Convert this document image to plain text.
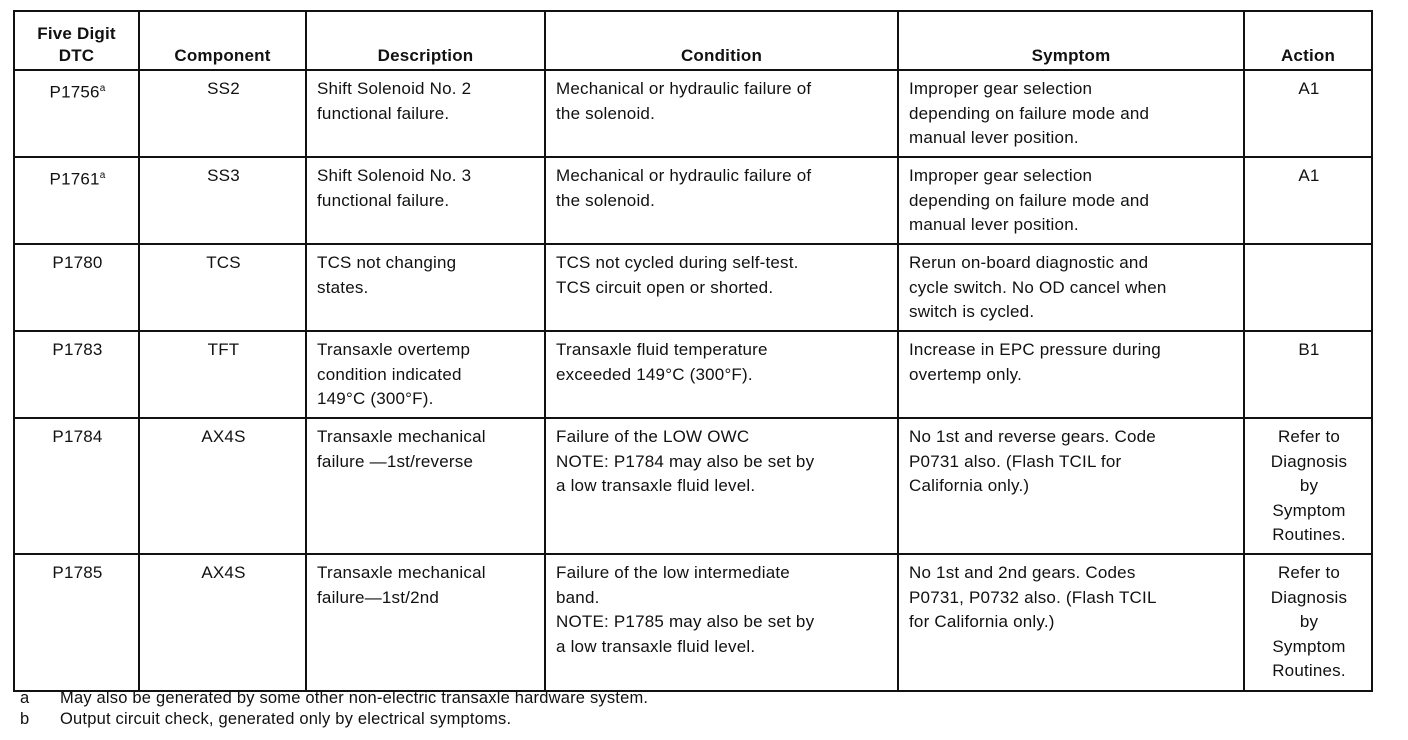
Five Digit DTC	Component	Description	Condition	Symptom	Action
P1756$^a$	SS2	Shift Solenoid No. 2
functional failure.	Mechanical or hydraulic failure of
the solenoid.	Improper gear selection
depending on failure mode and
manual lever position.	A1

P1761$^a$	SS3	Shift Solenoid No. 3
functional failure.	Mechanical or hydraulic failure of
the solenoid.	Improper gear selection
depending on failure mode and
manual lever position.	A1

P1780	TCS	TCS not changing
states.	TCS not cycled during self-test.
TCS circuit open or shorted.	Rerun on-board diagnostic and
cycle switch. No OD cancel when
switch is cycled.	

P1783	TFT	Transaxle overtemp
condition indicated
149°C (300°F).	Transaxle fluid temperature
exceeded 149°C (300°F).	Increase in EPC pressure during
overtemp only.	B1

P1784	AX4S	Transaxle mechanical
failure —1st/reverse	Failure of the LOW OWC
NOTE: P1784 may also be set by
a low transaxle fluid level.	No 1st and reverse gears. Code
P0731 also. (Flash TCIL for
California only.)	Refer to
Diagnosis
by
Symptom
Routines.

P1785	AX4S	Transaxle mechanical
failure—1st/2nd	Failure of the low intermediate
band.
NOTE: P1785 may also be set by
a low transaxle fluid level.	No 1st and 2nd gears. Codes
P0731, P0732 also. (Flash TCIL
for California only.)	Refer to
Diagnosis
by
Symptom
Routines.
a	May also be generated by some other non-electric transaxle hardware system.
b	Output circuit check, generated only by electrical symptoms.
